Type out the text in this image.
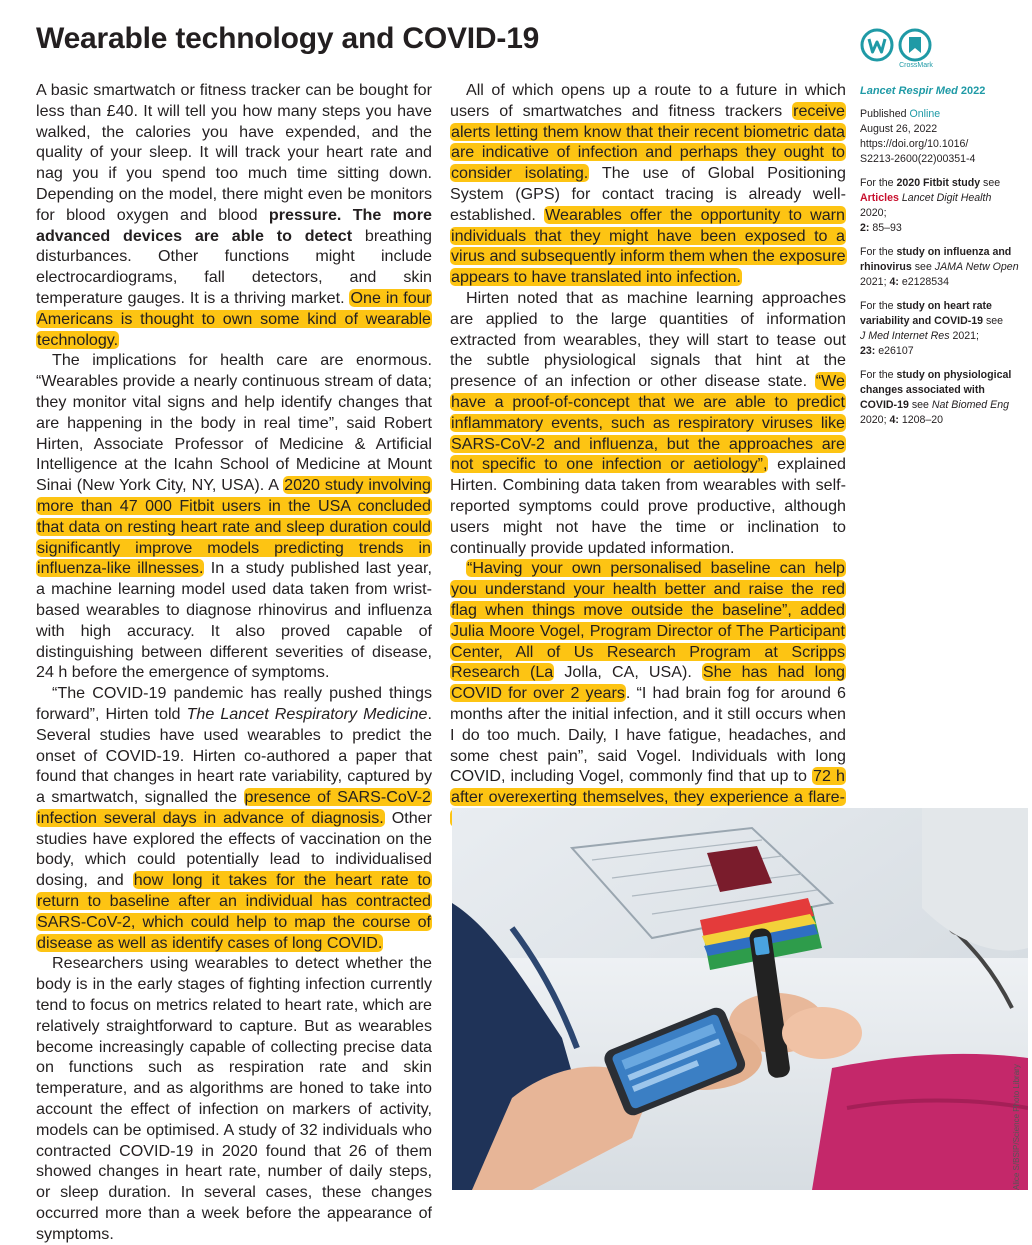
Wearable technology and COVID-19
CrossMark

A basic smartwatch or fitness tracker can be bought for less than £40. It will tell you how many steps you have walked, the calories you have expended, and the quality of your sleep. It will track your heart rate and nag you if you spend too much time sitting down. Depending on the model, there might even be monitors for blood oxygen and blood pressure. The more advanced devices are able to detect breathing disturbances. Other functions might include electrocardiograms, fall detectors, and skin temperature gauges. It is a thriving market. One in four Americans is thought to own some kind of wearable technology.

The implications for health care are enormous. “Wearables provide a nearly continuous stream of data; they monitor vital signs and help identify changes that are happening in the body in real time”, said Robert Hirten, Associate Professor of Medicine & Artificial Intelligence at the Icahn School of Medicine at Mount Sinai (New York City, NY, USA). A 2020 study involving more than 47 000 Fitbit users in the USA concluded that data on resting heart rate and sleep duration could significantly improve models predicting trends in influenza-like illnesses. In a study published last year, a machine learning model used data taken from wrist-based wearables to diagnose rhinovirus and influenza with high accuracy. It also proved capable of distinguishing between different severities of disease, 24 h before the emergence of symptoms.

“The COVID-19 pandemic has really pushed things forward”, Hirten told The Lancet Respiratory Medicine. Several studies have used wearables to predict the onset of COVID-19. Hirten co-authored a paper that found that changes in heart rate variability, captured by a smartwatch, signalled the presence of SARS-CoV-2 infection several days in advance of diagnosis. Other studies have explored the effects of vaccination on the body, which could potentially lead to individualised dosing, and how long it takes for the heart rate to return to baseline after an individual has contracted SARS-CoV-2, which could help to map the course of disease as well as identify cases of long COVID.

Researchers using wearables to detect whether the body is in the early stages of fighting infection currently tend to focus on metrics related to heart rate, which are relatively straightforward to capture. But as wearables become increasingly capable of collecting precise data on functions such as respiration rate and skin temperature, and as algorithms are honed to take into account the effect of infection on markers of activity, models can be optimised. A study of 32 individuals who contracted COVID-19 in 2020 found that 26 of them showed changes in heart rate, number of daily steps, or sleep duration. In several cases, these changes occurred more than a week before the appearance of symptoms.

All of which opens up a route to a future in which users of smartwatches and fitness trackers receive alerts letting them know that their recent biometric data are indicative of infection and perhaps they ought to consider isolating. The use of Global Positioning System (GPS) for contact tracing is already well-established. Wearables offer the opportunity to warn individuals that they might have been exposed to a virus and subsequently inform them when the exposure appears to have translated into infection.

Hirten noted that as machine learning approaches are applied to the large quantities of information extracted from wearables, they will start to tease out the subtle physiological signals that hint at the presence of an infection or other disease state. “We have a proof-of-concept that we are able to predict inflammatory events, such as respiratory viruses like SARS-CoV-2 and influenza, but the approaches are not specific to one infection or aetiology”, explained Hirten. Combining data taken from wearables with self-reported symptoms could prove productive, although users might not have the time or inclination to continually provide updated information.

“Having your own personalised baseline can help you understand your health better and raise the red flag when things move outside the baseline”, added Julia Moore Vogel, Program Director of The Participant Center, All of Us Research Program at Scripps Research (La Jolla, CA, USA). She has had long COVID for over 2 years. “I had brain fog for around 6 months after the initial infection, and it still occurs when I do too much. Daily, I have fatigue, headaches, and some chest pain”, said Vogel. Individuals with long COVID, including Vogel, commonly find that up to 72 h after overexerting themselves, they experience a flare-

Lancet Respir Med 2022
Published Online
August 26, 2022
https://doi.org/10.1016/
S2213-2600(22)00351-4
For the 2020 Fitbit study see
Articles Lancet Digit Health 2020;
2: 85–93
For the study on influenza and rhinovirus see JAMA Netw Open
2021; 4: e2128534
For the study on heart rate variability and COVID-19 see
J Med Internet Res 2021;
23: e26107
For the study on physiological changes associated with COVID-19 see Nat Biomed Eng
2020; 4: 1208–20
Alice S/BSIP/Science Photo Library
